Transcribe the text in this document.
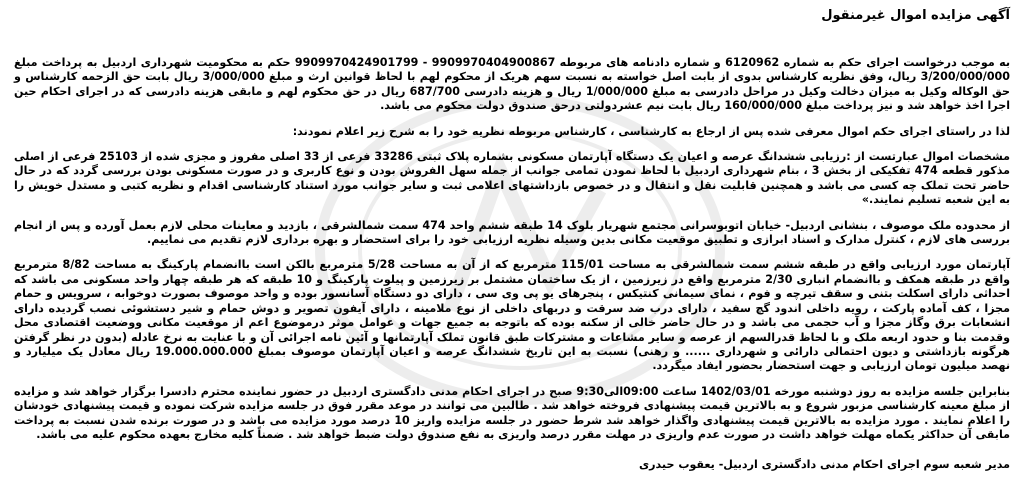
آگهی مزایده اموال غیرمنقول

به موجب درخواست اجرای حکم به شماره 6120962 و شماره دادنامه های مربوطه 9909970404900867 - 9909970424901799 حکم به محکومیت شهرداری اردبیل به پرداخت مبلغ 3/200/000/000 ریال، وفق نظریه کارشناس بدوی از بابت اصل خواسته به نسبت سهم هریک از محکوم لهم با لحاظ قوانین ارث و مبلغ 3/000/000 ریال بابت حق الزحمه کارشناس و حق الوکاله وکیل به میزان دخالت وکیل در مراحل دادرسی به مبلغ 1/000/000 ریال و هزینه دادرسی 687/700 ریال در حق محکوم لهم و مابقی هزینه دادرسی که در اجرای احکام حین اجرا اخذ خواهد شد و نیز پرداخت مبلغ 160/000/000 ریال بابت نیم عشردولتی درحق صندوق دولت محکوم می باشد.

لذا در راستای اجرای حکم اموال معرفی شده پس از ارجاع به کارشناسی ، کارشناس مربوطه نظریه خود را به شرح زیر اعلام نمودند:

مشخصات اموال عبارتست از :رزیابی ششدانگ عرصه و اعیان یک دستگاه آپارتمان مسکونی بشماره پلاک ثبتی 33286 فرعی از 33 اصلی مفروز و مجزی شده از 25103 فرعی از اصلی مذکور قطعه 474 تفکیکی از بخش 3 ، بنام شهرداری اردبیل با لحاظ نمودن تمامی جوانب از جمله سهل الفروش بودن و نوع کاربری و در صورت مسکونی بودن بررسی گردد که در حال حاضر تحت تملک چه کسی می باشد و همچنین قابلیت نقل و انتقال و در خصوص بازداشتهای اعلامی ثبت و سایر جوانب مورد استناد کارشناسی اقدام و نظریه کتبی و مستدل خویش را به این شعبه تسلیم نمایند.»

از محدوده ملک موصوف ، بنشانی اردبیل- خیابان اتوبوسرانی مجتمع شهریار بلوک 14 طبقه ششم واحد 474 سمت شمالشرقی ، بازدید و معاینات محلی لازم بعمل آورده و پس از انجام بررسی های لازم ، کنترل مدارک و اسناد ابرازی و تطبیق موقعیت مکانی بدین وسیله نظریه ارزیابی خود را برای استحضار و بهره برداری لازم تقدیم می نماییم.

آپارتمان مورد ارزیابی واقع در طبقه ششم سمت شمالشرقی به مساحت 115/01 مترمربع که از آن به مساحت 5/28 مترمربع بالکن است باانضمام پارکینگ به مساحت 8/82 مترمربع واقع در طبقه همکف و باانضمام انباری 2/30 مترمربع واقع در زیرزمین ، از یک ساختمان مشتمل بر زیرزمین و پیلوت پارکینگ و 10 طبقه که هر طبقه چهار واحد مسکونی می باشد که احداثی دارای اسکلت بتنی و سقف تیرچه و فوم ، نمای سیمانی کنتیکس ، پنجرهای یو پی وی سی ، دارای دو دستگاه آسانسور بوده و واحد موصوف بصورت دوخوابه ، سرویس و حمام مجزا ، کف آماده پارکت ، رویه داخلی اندود گچ سفید ، دارای درب ضد سرقت و دربهای داخلی از نوع ملامینه ، دارای آیفون تصویر و دوش حمام و شیر دستشوئی نصب گردیده دارای انشعابات برق وگاز مجزا و آب حجمی می باشد و در حال حاضر خالی از سکنه بوده که باتوجه به جمیع جهات و عوامل موثر درموضوع اعم از موقعیت مکانی ووضعیت اقتصادی محل وقدمت بنا و حدود اربعه ملک و با لحاظ قدرالسهم از عرصه و سایر مشاعات و مشترکات طبق قانون تملک آپارتمانها و آئین نامه اجرائی آن و با عنایت به نرخ عادله (بدون در نظر گرفتن هرگونه بازداشتی و دیون احتمالی دارائی و شهرداری ...... و رهنی) نسبت به این تاریخ ششدانگ عرصه و اعیان آپارتمان موصوف بمبلغ 19.000.000.000 ریال معادل یک میلیارد و نهصد میلیون تومان ارزیابی و جهت استحضار بحضور ایفاد میگردد.

بنابراین جلسه مزایده به روز دوشنبه مورخه 1402/03/01 ساعت 09:00الی9:30 صبح در اجرای احکام مدنی دادگستری اردبیل در حضور نماینده محترم دادسرا برگزار خواهد شد و مزایده از مبلغ معینه کارشناسی مزبور شروع و به بالاترین قیمت پیشنهادی فروخته خواهد شد . طالبین می توانند در موعد مقرر فوق در جلسه مزایده شرکت نموده و قیمت پیشنهادی خودشان را اعلام نمایند . مورد مزایده به بالاترین قیمت پیشنهادی واگذار خواهد شد شرط حضور در جلسه مزایده واریز 10 درصد مورد مزایده می باشد و در صورت برنده شدن نسبت به پرداخت مابقی آن حداکثر یکماه مهلت خواهد داشت در صورت عدم واریزی در مهلت مقرر درصد واریزی به نفع صندوق دولت ضبط خواهد شد . ضمناً کلیه مخارج بعهده محکوم علیه می باشد.

مدیر شعبه سوم اجرای احکام مدنی دادگستری اردبیل- یعقوب حیدری
